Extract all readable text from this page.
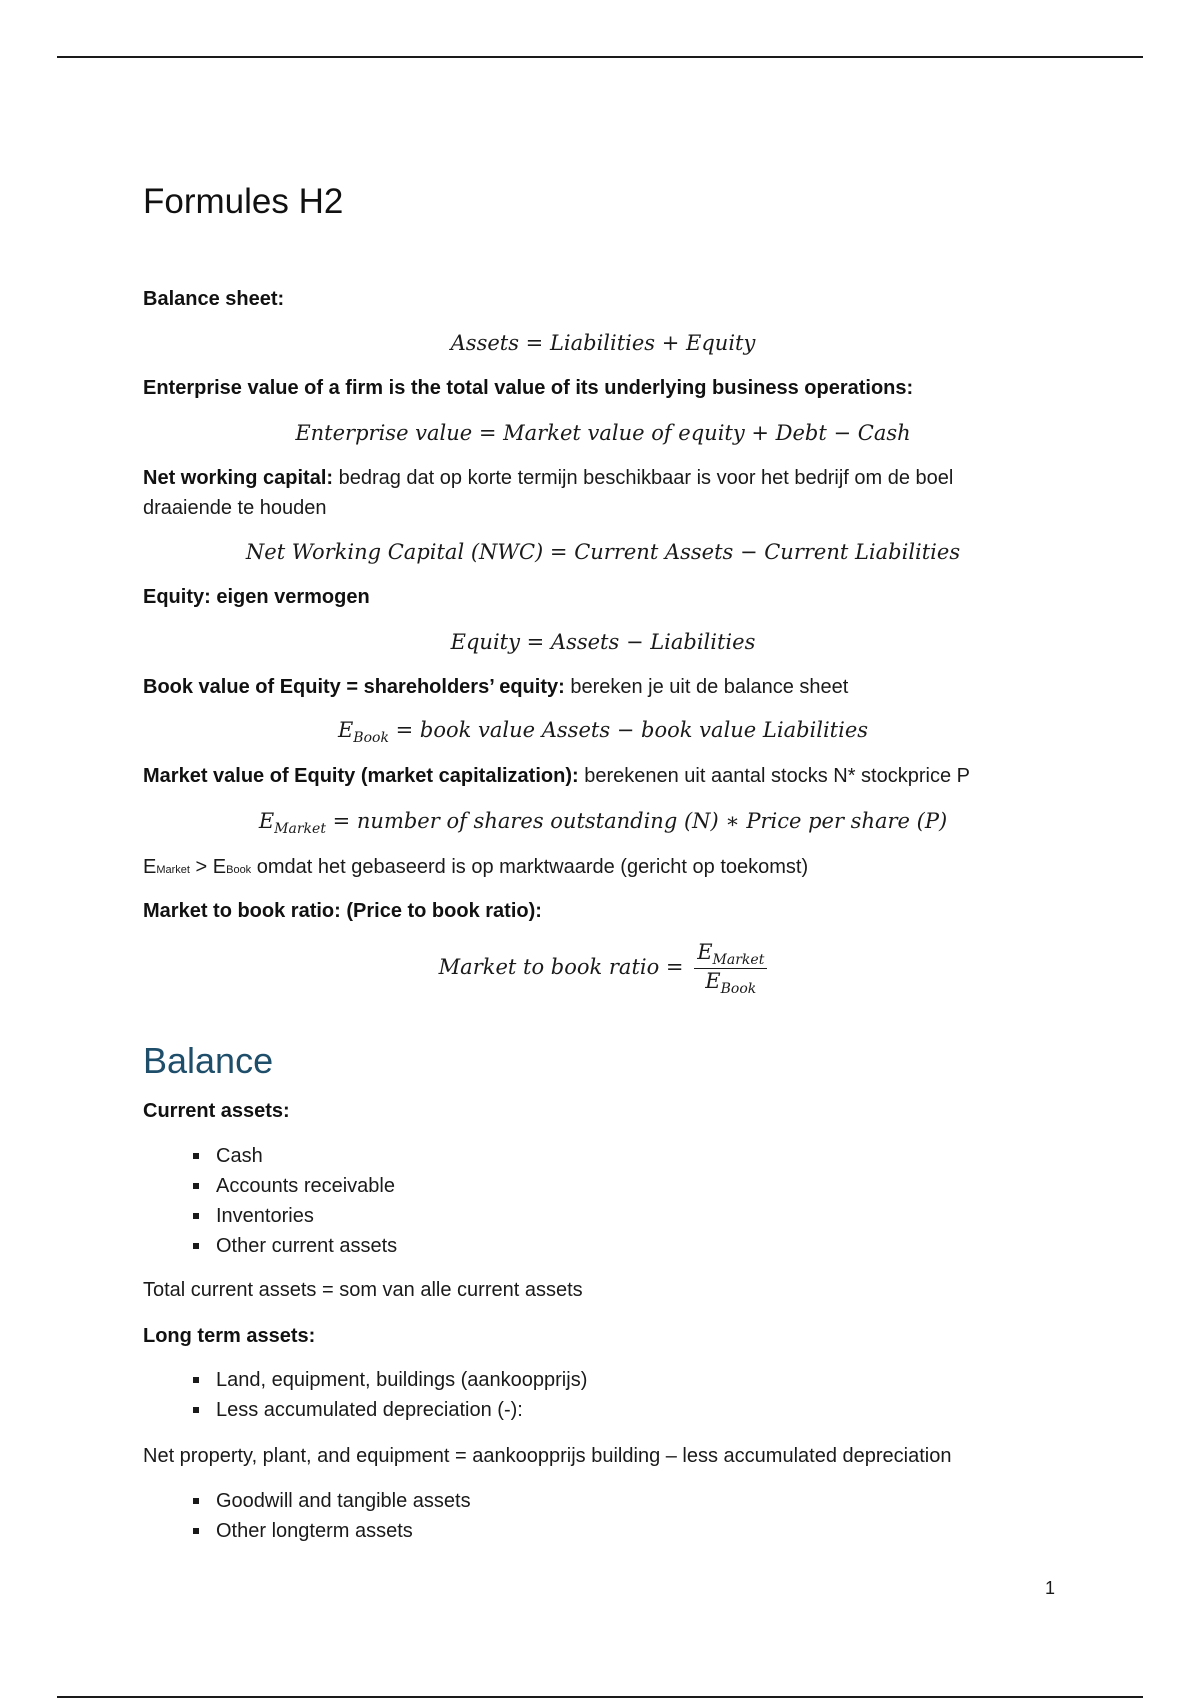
Formules H2
Balance sheet:
Assets = Liabilities + Equity
Enterprise value of a firm is the total value of its underlying business operations:
Enterprise value = Market value of equity + Debt − Cash
Net working capital: bedrag dat op korte termijn beschikbaar is voor het bedrijf om de boel draaiende te houden
Net Working Capital (NWC) = Current Assets − Current Liabilities
Equity: eigen vermogen
Equity = Assets − Liabilities
Book value of Equity = shareholders’ equity: bereken je uit de balance sheet
$E_{Book}$ = book value Assets − book value Liabilities
Market value of Equity (market capitalization): berekenen uit aantal stocks N* stockprice P
$E_{Market}$ = number of shares outstanding (N) ∗ Price per share (P)
EMarket > EBook omdat het gebaseerd is op marktwaarde (gericht op toekomst)
Market to book ratio: (Price to book ratio):
Market to book ratio = $\frac{E_{Market}}{E_{Book}}$
Balance
Current assets:
Cash
Accounts receivable
Inventories
Other current assets
Total current assets = som van alle current assets
Long term assets:
Land, equipment, buildings (aankoopprijs)
Less accumulated depreciation (-):
Net property, plant, and equipment = aankoopprijs building – less accumulated depreciation
Goodwill and tangible assets
Other longterm assets
1
